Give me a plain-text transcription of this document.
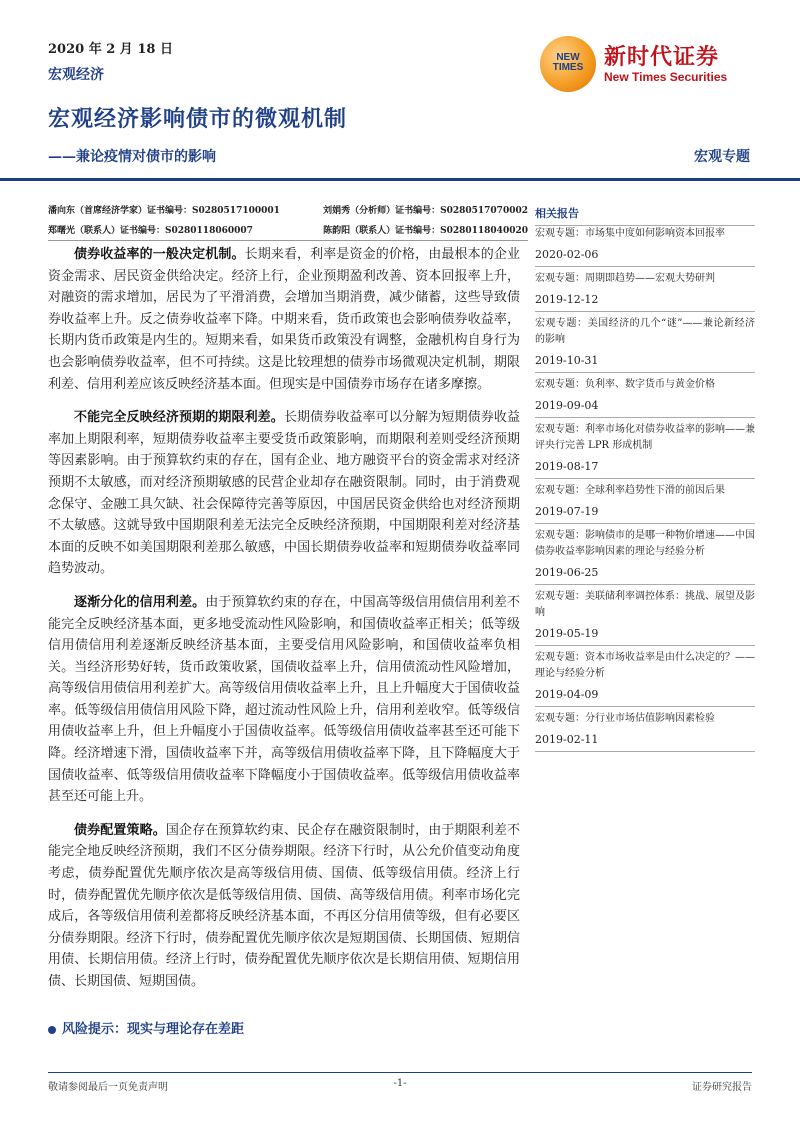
2020 年 2 月 18 日
宏观经济
NEW
TIMES 新时代证券
New Times Securities
宏观经济影响债市的微观机制
——兼论疫情对债市的影响	宏观专题
潘向东（首席经济学家）证书编号：S0280517100001	刘娟秀（分析师）证书编号：S0280517070002
郑曙光（联系人）证书编号：S0280118060007	陈韵阳（联系人）证书编号：S0280118040020

债券收益率的一般决定机制。长期来看，利率是资金的价格，由最根本的企业资金需求、居民资金供给决定。经济上行，企业预期盈利改善、资本回报率上升，对融资的需求增加，居民为了平滑消费，会增加当期消费，减少储蓄，这些导致债券收益率上升。反之债券收益率下降。中期来看，货币政策也会影响债券收益率，长期内货币政策是内生的。短期来看，如果货币政策没有调整，金融机构自身行为也会影响债券收益率，但不可持续。这是比较理想的债券市场微观决定机制，期限利差、信用利差应该反映经济基本面。但现实是中国债券市场存在诸多摩擦。

不能完全反映经济预期的期限利差。长期债券收益率可以分解为短期债券收益率加上期限利率，短期债券收益率主要受货币政策影响，而期限利差则受经济预期等因素影响。由于预算软约束的存在，国有企业、地方融资平台的资金需求对经济预期不太敏感，而对经济预期敏感的民营企业却存在融资限制。同时，由于消费观念保守、金融工具欠缺、社会保障待完善等原因，中国居民资金供给也对经济预期不太敏感。这就导致中国期限利差无法完全反映经济预期，中国期限利差对经济基本面的反映不如美国期限利差那么敏感，中国长期债券收益率和短期债券收益率同趋势波动。

逐渐分化的信用利差。由于预算软约束的存在，中国高等级信用债信用利差不能完全反映经济基本面，更多地受流动性风险影响，和国债收益率正相关；低等级信用债信用利差逐渐反映经济基本面，主要受信用风险影响，和国债收益率负相关。当经济形势好转，货币政策收紧，国债收益率上升，信用债流动性风险增加，高等级信用债信用利差扩大。高等级信用债收益率上升，且上升幅度大于国债收益率。低等级信用债信用风险下降，超过流动性风险上升，信用利差收窄。低等级信用债收益率上升，但上升幅度小于国债收益率。低等级信用债收益率甚至还可能下降。经济增速下滑，国债收益率下并，高等级信用债收益率下降，且下降幅度大于国债收益率、低等级信用债收益率下降幅度小于国债收益率。低等级信用债收益率甚至还可能上升。

债券配置策略。国企存在预算软约束、民企存在融资限制时，由于期限利差不能完全地反映经济预期，我们不区分债券期限。经济下行时，从公允价值变动角度考虑，债券配置优先顺序依次是高等级信用债、国债、低等级信用债。经济上行时，债券配置优先顺序依次是低等级信用债、国债、高等级信用债。利率市场化完成后，各等级信用债利差都将反映经济基本面，不再区分信用债等级，但有必要区分债券期限。经济下行时，债券配置优先顺序依次是短期国债、长期国债、短期信用债、长期信用债。经济上行时，债券配置优先顺序依次是长期信用债、短期信用债、长期国债、短期国债。

风险提示：现实与理论存在差距
相关报告
宏观专题：市场集中度如何影响资本回报率
2020-02-06
宏观专题：周期即趋势——宏观大势研判
2019-12-12
宏观专题：美国经济的几个“谜”——兼论新经济的影响
2019-10-31
宏观专题：负利率、数字货币与黄金价格
2019-09-04
宏观专题：利率市场化对债券收益率的影响——兼评央行完善 LPR 形成机制
2019-08-17
宏观专题：全球利率趋势性下滑的前因后果
2019-07-19
宏观专题：影响债市的是哪一种物价增速——中国债券收益率影响因素的理论与经验分析
2019-06-25
宏观专题：美联储利率调控体系：挑战、展望及影响
2019-05-19
宏观专题：资本市场收益率是由什么决定的？——理论与经验分析
2019-04-09
宏观专题：分行业市场估值影响因素检验
2019-02-11
敬请参阅最后一页免责声明	-1-	证券研究报告
